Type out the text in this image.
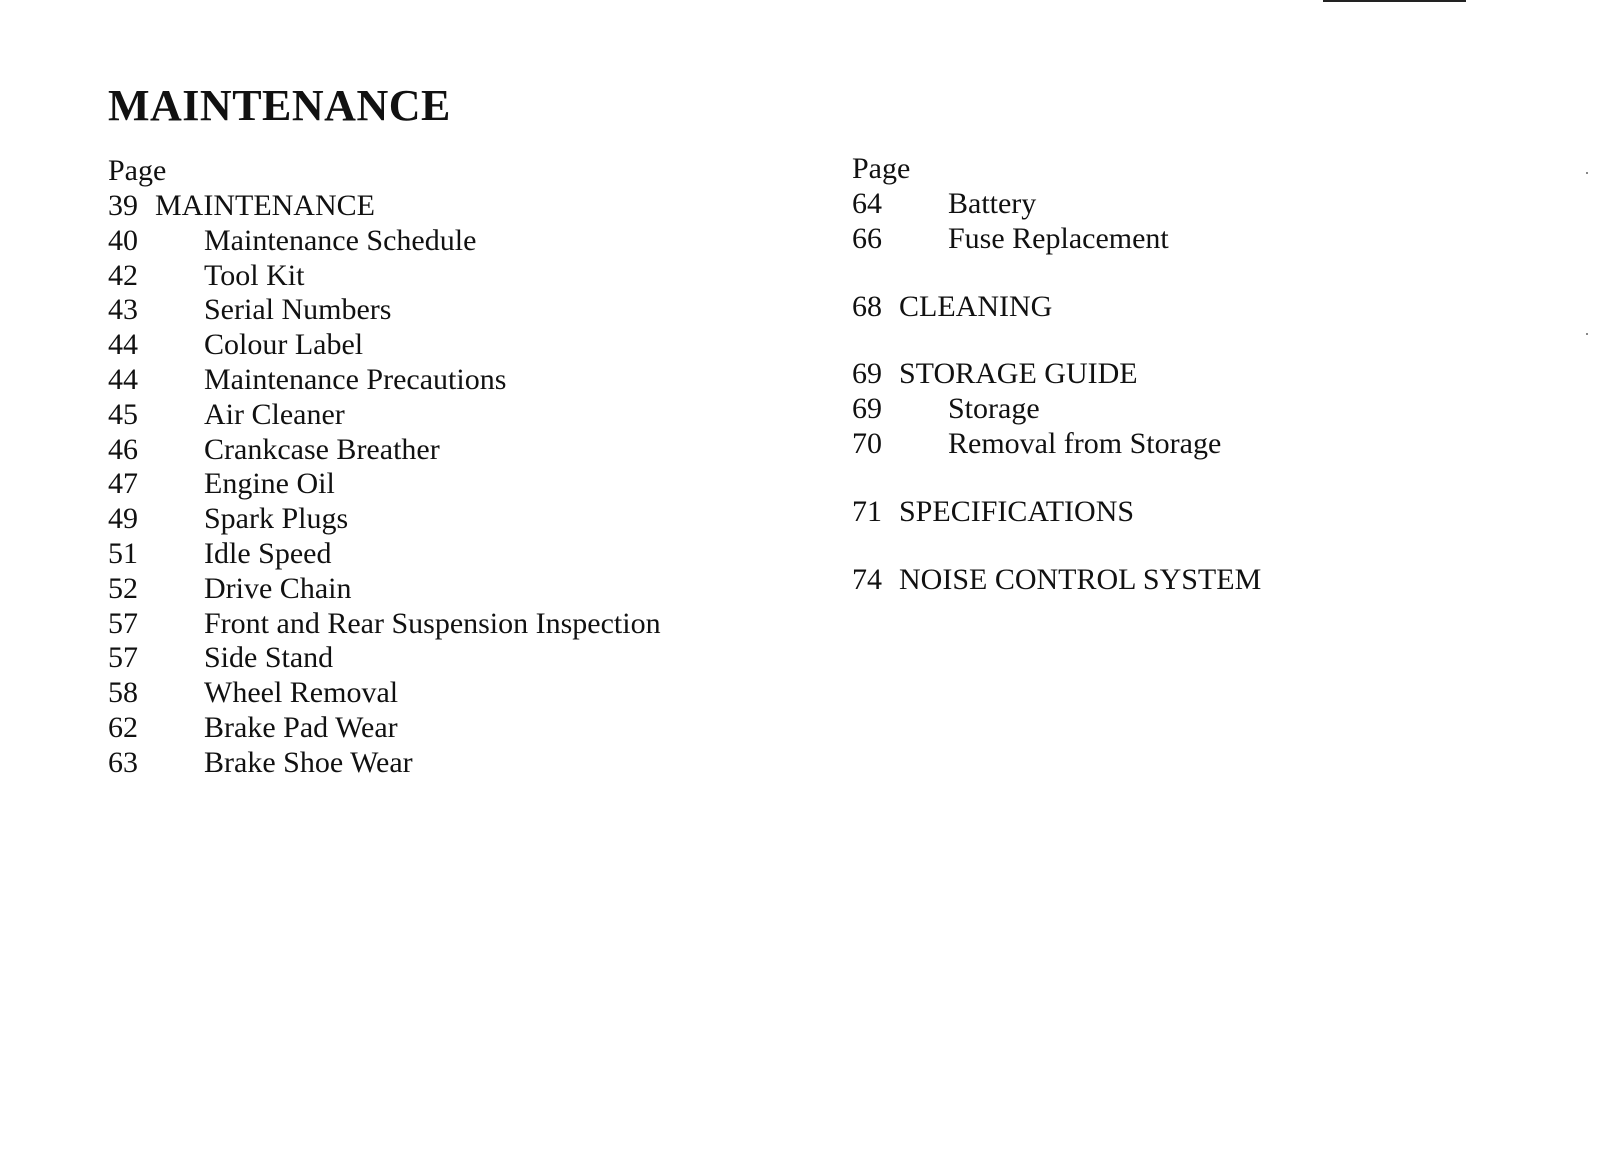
MAINTENANCE
Page
39 MAINTENANCE
40 Maintenance Schedule
42 Tool Kit
43 Serial Numbers
44 Colour Label
44 Maintenance Precautions
45 Air Cleaner
46 Crankcase Breather
47 Engine Oil
49 Spark Plugs
51 Idle Speed
52 Drive Chain
57 Front and Rear Suspension Inspection
57 Side Stand
58 Wheel Removal
62 Brake Pad Wear
63 Brake Shoe Wear
Page
64 Battery
66 Fuse Replacement
68 CLEANING
69 STORAGE GUIDE
69 Storage
70 Removal from Storage
71 SPECIFICATIONS
74 NOISE CONTROL SYSTEM
